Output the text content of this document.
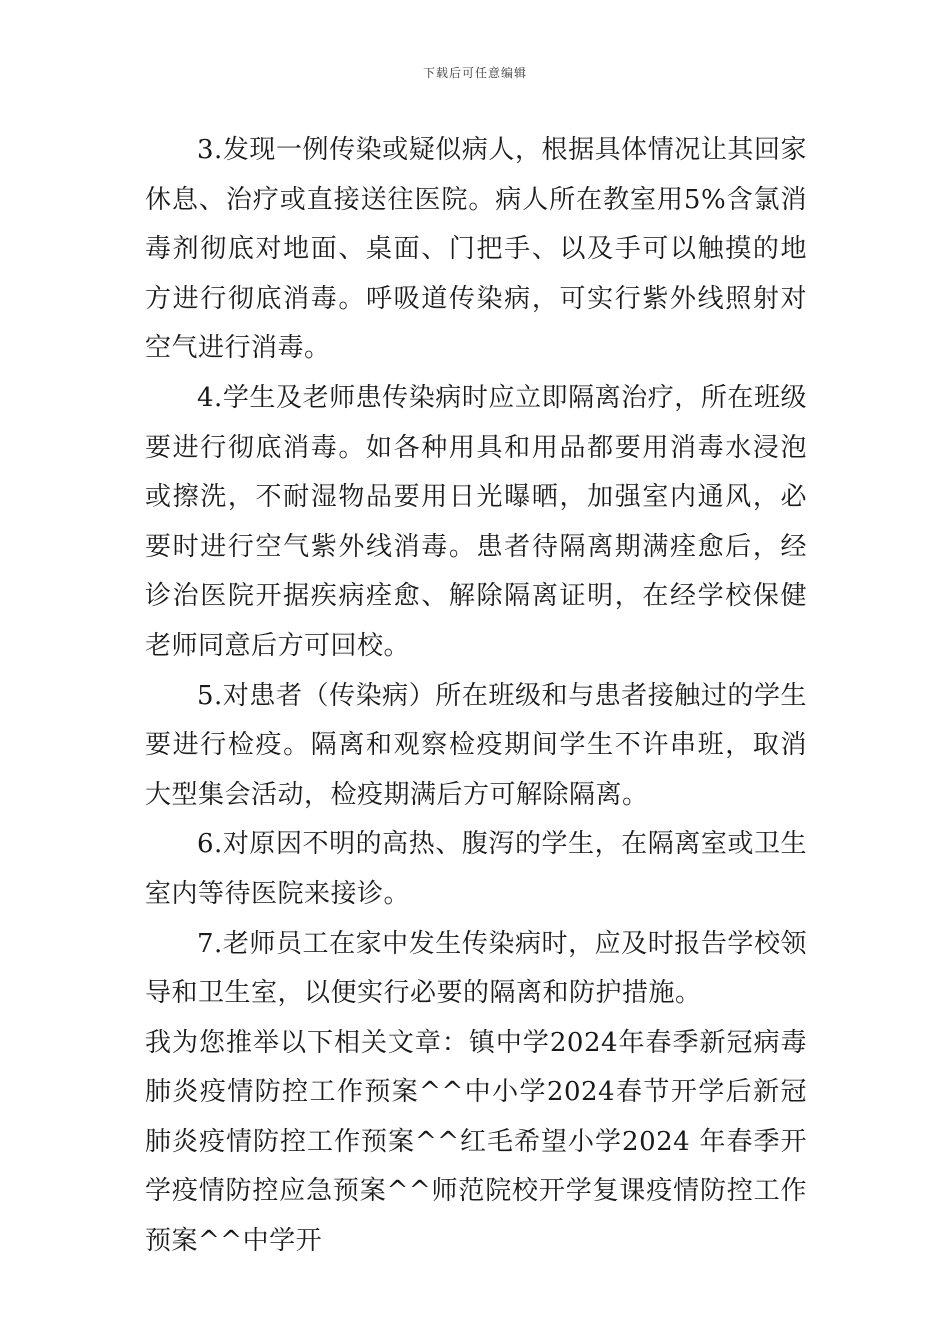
下载后可任意编辑

3.发现一例传染或疑似病人，根据具体情况让其回家休息、治疗或直接送往医院。病人所在教室用5%含氯消毒剂彻底对地面、桌面、门把手、以及手可以触摸的地方进行彻底消毒。呼吸道传染病，可实行紫外线照射对空气进行消毒。

4.学生及老师患传染病时应立即隔离治疗，所在班级要进行彻底消毒。如各种用具和用品都要用消毒水浸泡或擦洗，不耐湿物品要用日光曝晒，加强室内通风，必要时进行空气紫外线消毒。患者待隔离期满痊愈后，经诊治医院开据疾病痊愈、解除隔离证明，在经学校保健老师同意后方可回校。

5.对患者（传染病）所在班级和与患者接触过的学生要进行检疫。隔离和观察检疫期间学生不许串班，取消大型集会活动，检疫期满后方可解除隔离。

6.对原因不明的高热、腹泻的学生，在隔离室或卫生室内等待医院来接诊。

7.老师员工在家中发生传染病时，应及时报告学校领导和卫生室，以便实行必要的隔离和防护措施。

我为您推举以下相关文章：镇中学2024年春季新冠病毒肺炎疫情防控工作预案^^中小学2024春节开学后新冠肺炎疫情防控工作预案^^红毛希望小学2024 年春季开学疫情防控应急预案^^师范院校开学复课疫情防控工作预案^^中学开
